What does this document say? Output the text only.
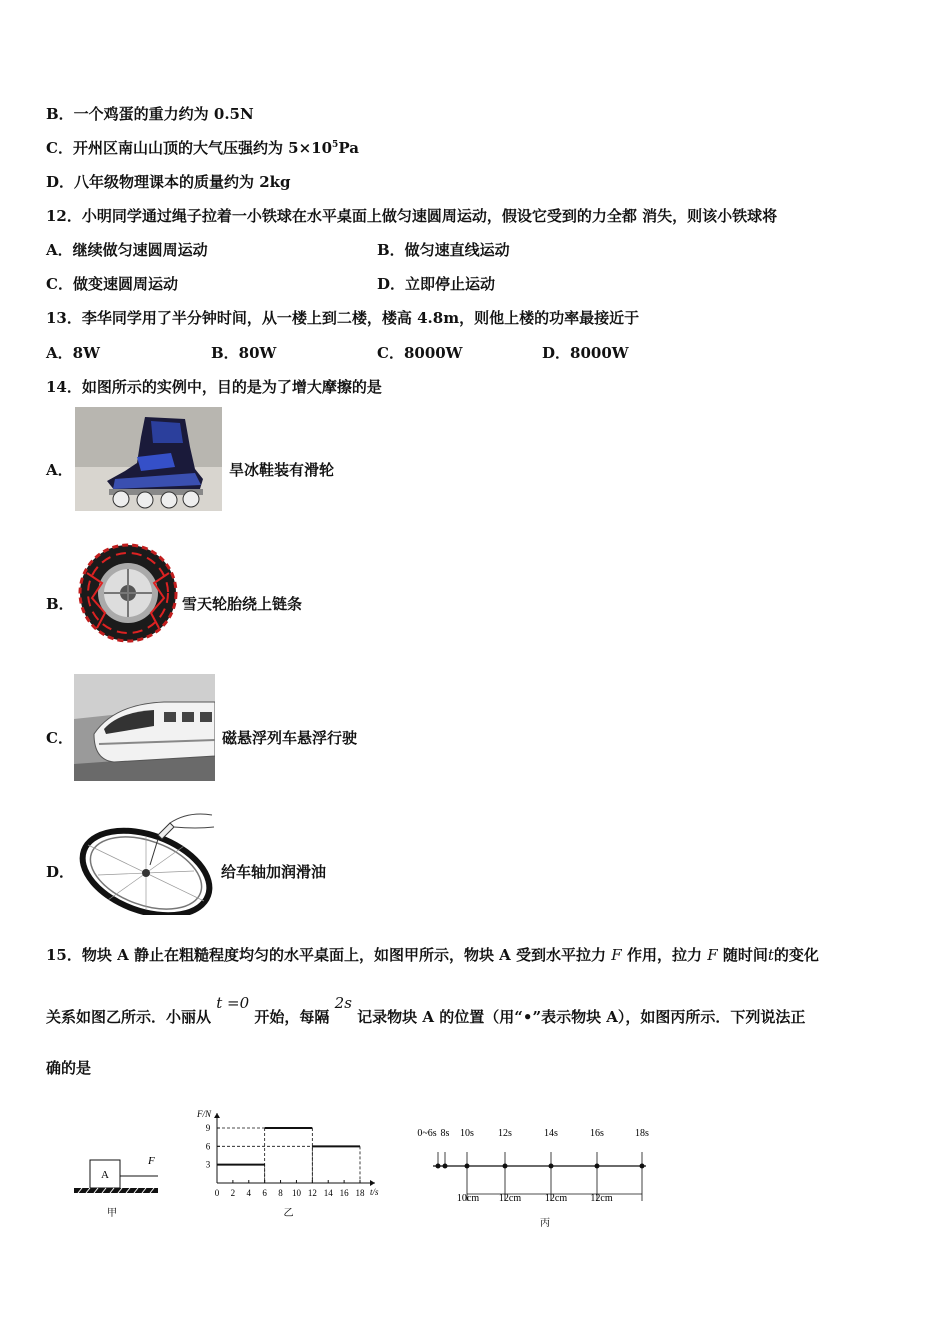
B．一个鸡蛋的重力约为 0.5N
C．开州区南山山顶的大气压强约为 $5\times 10^5Pa$
D．八年级物理课本的质量约为 2kg
12．小明同学通过绳子拉着一小铁球在水平桌面上做匀速圆周运动，假设它受到的力全都 消失，则该小铁球将
A．继续做匀速圆周运动	B．做匀速直线运动
C．做变速圆周运动	D．立即停止运动
13．李华同学用了半分钟时间，从一楼上到二楼，楼高 4.8m，则他上楼的功率最接近于
A．8W	B．80W	C．8000W	D．8000W
14．如图所示的实例中，目的是为了增大摩擦的是
A．	旱冰鞋装有滑轮
B．	雪天轮胎绕上链条
C．	磁悬浮列车悬浮行驶
D．	给车轴加润滑油
15．物块 A 静止在粗糙程度均匀的水平桌面上，如图甲所示，物块 A 受到水平拉力 F 作用，拉力 F 随时间t的变化
关系如图乙所示．小丽从 t =0 开始，每隔 2s 记录物块 A 的位置（用“•”表示物块 A），如图丙所示．下列说法正
确的是
A
F
甲
F/N
t/s
9
6
3
0 2 4 6 8 10 12 14 16 18
乙
0~6s 8s 10s 12s	14s	16s	18s
10cm 12cm 12cm 12cm
丙
